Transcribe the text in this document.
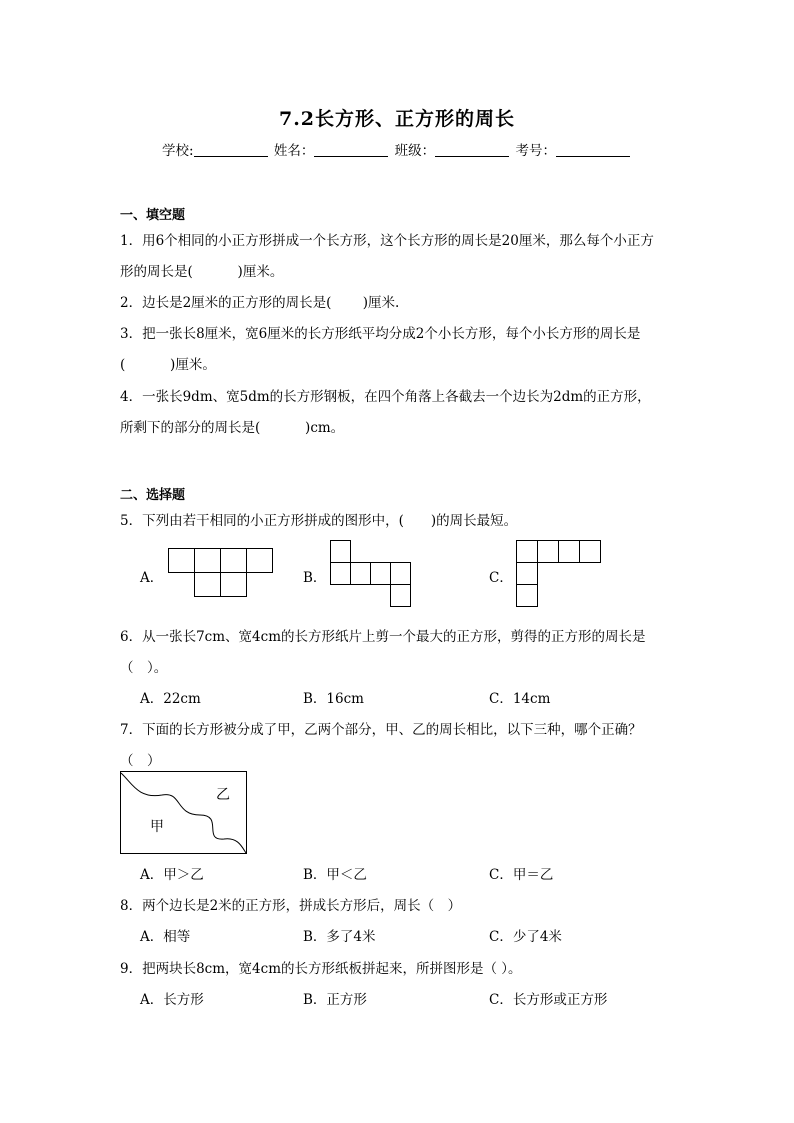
7.2长方形、正方形的周长
学校:	姓名：	班级：	考号：
一、填空题
1．用6个相同的小正方形拼成一个长方形，这个长方形的周长是20厘米，那么每个小正方
形的周长是(　　　 )厘米。
2．边长是2厘米的正方形的周长是(　　 )厘米.
3．把一张长8厘米，宽6厘米的长方形纸平均分成2个小长方形，每个小长方形的周长是
(　　　 )厘米。
4．一张长9dm、宽5dm的长方形钢板，在四个角落上各截去一个边长为2dm的正方形，
所剩下的部分的周长是(　　　 )cm。
二、选择题
5．下列由若干相同的小正方形拼成的图形中，(　　)的周长最短。
A．	B．	C．
6．从一张长7cm、宽4cm的长方形纸片上剪一个最大的正方形，剪得的正方形的周长是
（　）。
A．22cm	B．16cm	C．14cm
7．下面的长方形被分成了甲，乙两个部分，甲、乙的周长相比，以下三种，哪个正确？
（　）
甲
乙
A．甲＞乙	B．甲＜乙	C．甲＝乙
8．两个边长是2米的正方形，拼成长方形后，周长（　）
A．相等	B．多了4米	C．少了4米
9．把两块长8cm，宽4cm的长方形纸板拼起来，所拼图形是（ ）。
A．长方形	B．正方形	C．长方形或正方形
